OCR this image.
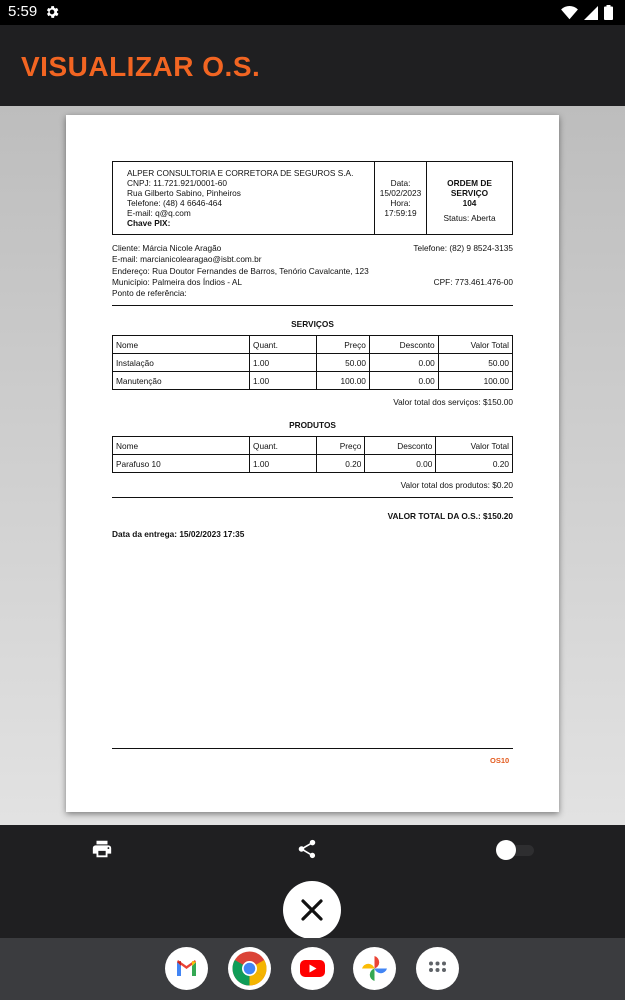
5:59
VISUALIZAR O.S.
ALPER CONSULTORIA E CORRETORA DE SEGUROS S.A.
CNPJ: 11.721.921/0001-60
Rua Gilberto Sabino, Pinheiros
Telefone: (48) 4 6646-464
E-mail: q@q.com
Chave PIX:
Data:
15/02/2023
Hora:
17:59:19
ORDEM DE
SERVIÇO
104
Status: Aberta
Cliente: Márcia Nicole Aragão	Telefone: (82) 9 8524-3135
E-mail: marcianicolearagao@isbt.com.br
Endereço: Rua Doutor Fernandes de Barros, Tenório Cavalcante, 123
Município: Palmeira dos Índios - AL	CPF: 773.461.476-00
Ponto de referência:
SERVIÇOS
Nome	Quant.	Preço	Desconto	Valor Total
Instalação	1.00	50.00	0.00	50.00
Manutenção	1.00	100.00	0.00	100.00
Valor total dos serviços: $150.00
PRODUTOS
Nome	Quant.	Preço	Desconto	Valor Total
Parafuso 10	1.00	0.20	0.00	0.20
Valor total dos produtos: $0.20
VALOR TOTAL DA O.S.: $150.20
Data da entrega: 15/02/2023 17:35
OS10
